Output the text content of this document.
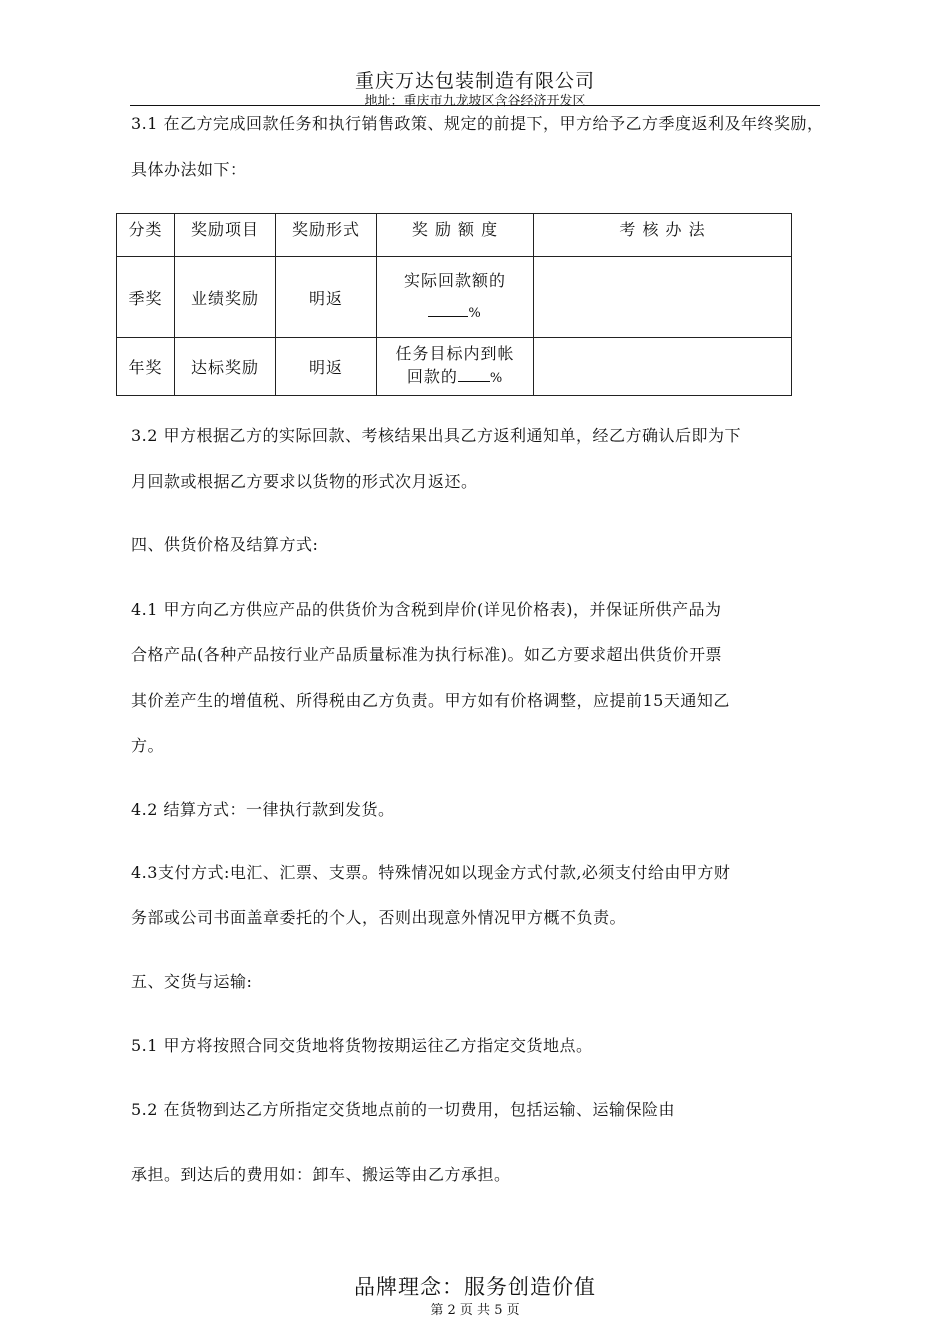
重庆万达包装制造有限公司
地址：重庆市九龙坡区含谷经济开发区
3.1 在乙方完成回款任务和执行销售政策、规定的前提下，甲方给予乙方季度返利及年终奖励，
具体办法如下：
分类	奖励项目	奖励形式	奖 励 额 度	考 核 办 法
季奖	业绩奖励	明返	实际回款额的
%	

年奖	达标奖励	明返	任务目标内到帐
回款的 %	

3.2 甲方根据乙方的实际回款、考核结果出具乙方返利通知单，经乙方确认后即为下
月回款或根据乙方要求以货物的形式次月返还。
四、供货价格及结算方式:
4.1 甲方向乙方供应产品的供货价为含税到岸价(详见价格表)，并保证所供产品为
合格产品(各种产品按行业产品质量标准为执行标准)。如乙方要求超出供货价开票
其价差产生的增值税、所得税由乙方负责。甲方如有价格调整，应提前15天通知乙
方。
4.2 结算方式：一律执行款到发货。
4.3支付方式:电汇、汇票、支票。特殊情况如以现金方式付款,必须支付给由甲方财
务部或公司书面盖章委托的个人，否则出现意外情况甲方概不负责。
五、交货与运输:
5.1 甲方将按照合同交货地将货物按期运往乙方指定交货地点。
5.2 在货物到达乙方所指定交货地点前的一切费用，包括运输、运输保险由
承担。到达后的费用如：卸车、搬运等由乙方承担。
品牌理念：服务创造价值
第 2 页 共 5 页
